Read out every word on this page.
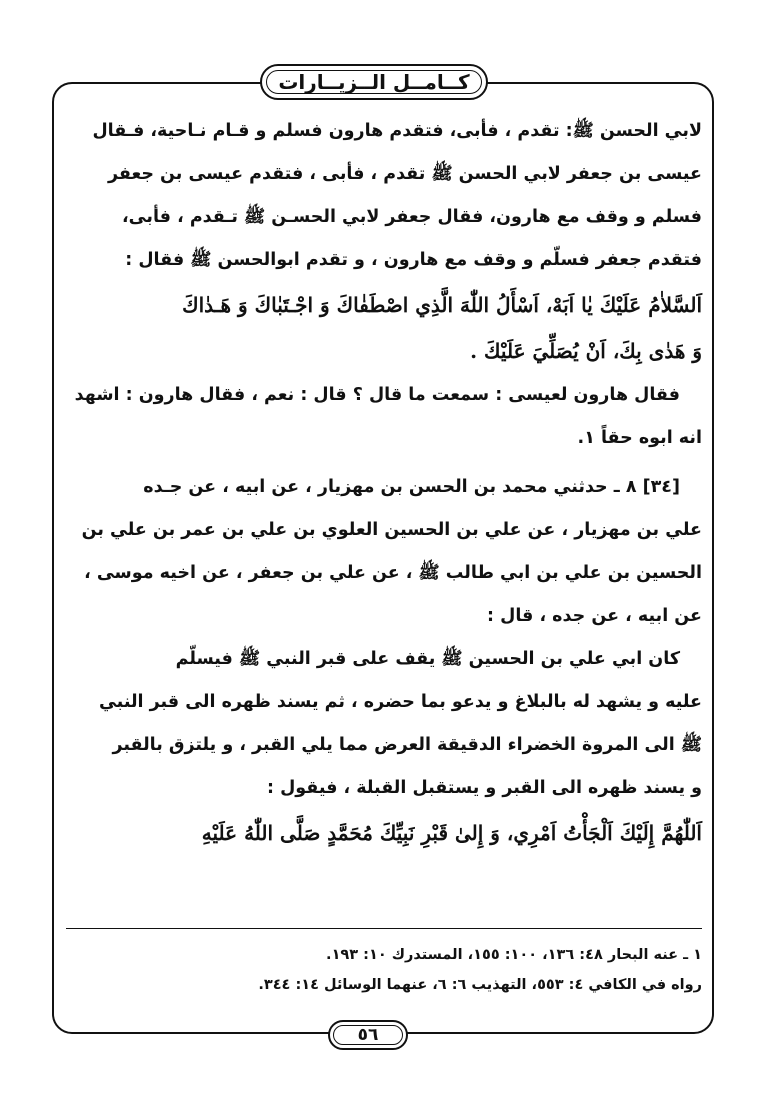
كــامــل الــزيــارات

لابي الحسن ﷺ: تقدم ، فأبى، فتقدم هارون فسلم و قـام نـاحية، فـقال

عيسى بن جعفر لابي الحسن ﷺ تقدم ، فأبى ، فتقدم عيسى بن جعفر

فسلم و وقف مع هارون، فقال جعفر لابي الحسـن ﷺ تـقدم ، فأبى،

فتقدم جعفر فسلّم و وقف مع هارون ، و تقدم ابوالحسن ﷺ فقال :

اَلسَّلاٰمُ عَلَيْكَ يٰا اَبَهْ، اَسْأَلُ اللّٰهَ الَّذِي اصْطَفٰاكَ وَ اجْـتَبٰاكَ وَ هَـدٰاكَ

وَ هَدٰى بِكَ، اَنْ يُصَلِّيَ عَلَيْكَ .

فقال هارون لعيسى : سمعت ما قال ؟ قال : نعم ، فقال هارون : اشهد

انه ابوه حقاً ١.

[٣٤] ٨ ـ حدثني محمد بن الحسن بن مهزيار ، عن ابيه ، عن جـده

علي بن مهزيار ، عن علي بن الحسين العلوي بن علي بن عمر بن علي بن

الحسين بن علي بن ابي طالب ﷺ ، عن علي بن جعفر ، عن اخيه موسى ،

عن ابيه ، عن جده ، قال :

كان ابي علي بن الحسين ﷺ يقف على قبر النبي ﷺ فيسلّم

عليه و يشهد له بالبلاغ و يدعو بما حضره ، ثم يسند ظهره الى قبر النبي

ﷺ الى المروة الخضراء الدقيقة العرض مما يلي القبر ، و يلتزق بالقبر

و يسند ظهره الى القبر و يستقبل القبلة ، فيقول :

اَللّٰهُمَّ إِلَيْكَ اَلْجَأْتُ اَمْرِي، وَ إِلىٰ قَبْرِ نَبِيِّكَ مُحَمَّدٍ صَلَّى اللّٰهُ عَلَيْهِ

١ ـ عنه البحار ٤٨: ١٣٦، ١٠٠: ١٥٥، المستدرك ١٠: ١٩٣.

رواه في الكافي ٤: ٥٥٣، التهذيب ٦: ٦، عنهما الوسائل ١٤: ٣٤٤.

٥٦
